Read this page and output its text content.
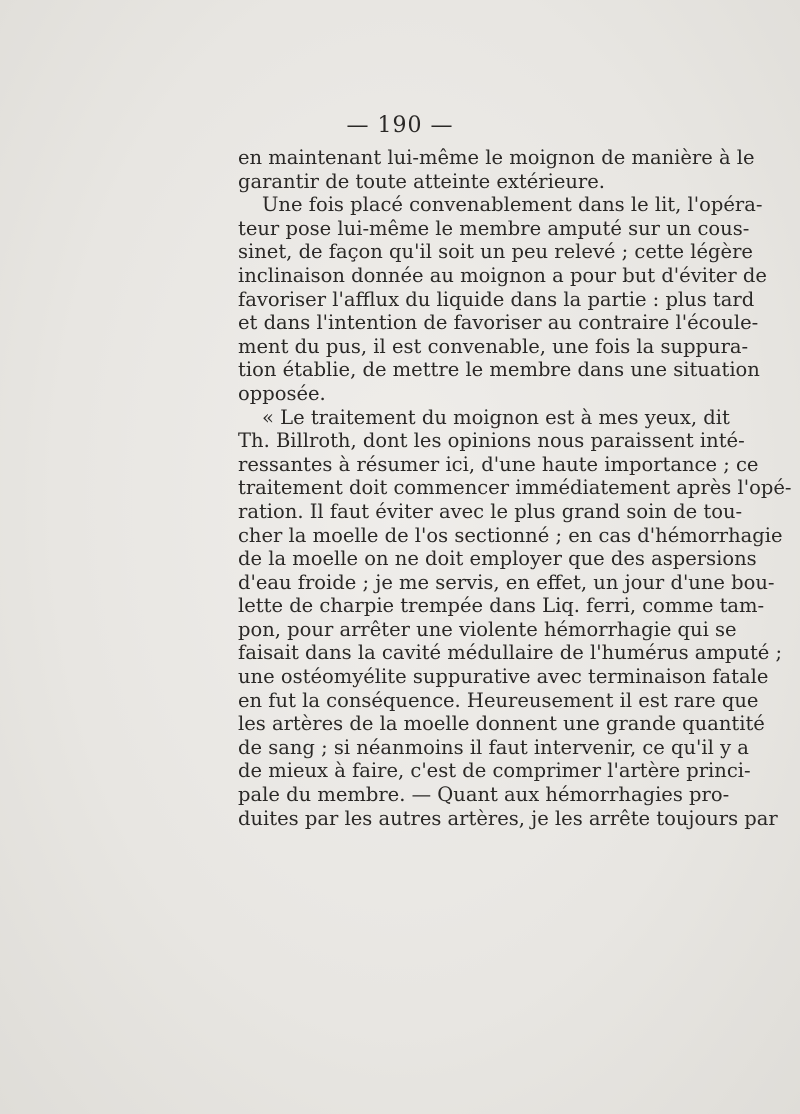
— 190 —
en maintenant lui-même le moignon de manière à le
garantir de toute atteinte extérieure.
Une fois placé convenablement dans le lit, l'opéra-
teur pose lui-même le membre amputé sur un cous-
sinet, de façon qu'il soit un peu relevé ; cette légère
inclinaison donnée au moignon a pour but d'éviter de
favoriser l'afflux du liquide dans la partie : plus tard
et dans l'intention de favoriser au contraire l'écoule-
ment du pus, il est convenable, une fois la suppura-
tion établie, de mettre le membre dans une situation
opposée.
« Le traitement du moignon est à mes yeux, dit
Th. Billroth, dont les opinions nous paraissent inté-
ressantes à résumer ici, d'une haute importance ; ce
traitement doit commencer immédiatement après l'opé-
ration. Il faut éviter avec le plus grand soin de tou-
cher la moelle de l'os sectionné ; en cas d'hémorrhagie
de la moelle on ne doit employer que des aspersions
d'eau froide ; je me servis, en effet, un jour d'une bou-
lette de charpie trempée dans Liq. ferri, comme tam-
pon, pour arrêter une violente hémorrhagie qui se
faisait dans la cavité médullaire de l'humérus amputé ;
une ostéomyélite suppurative avec terminaison fatale
en fut la conséquence. Heureusement il est rare que
les artères de la moelle donnent une grande quantité
de sang ; si néanmoins il faut intervenir, ce qu'il y a
de mieux à faire, c'est de comprimer l'artère princi-
pale du membre. — Quant aux hémorrhagies pro-
duites par les autres artères, je les arrête toujours par
